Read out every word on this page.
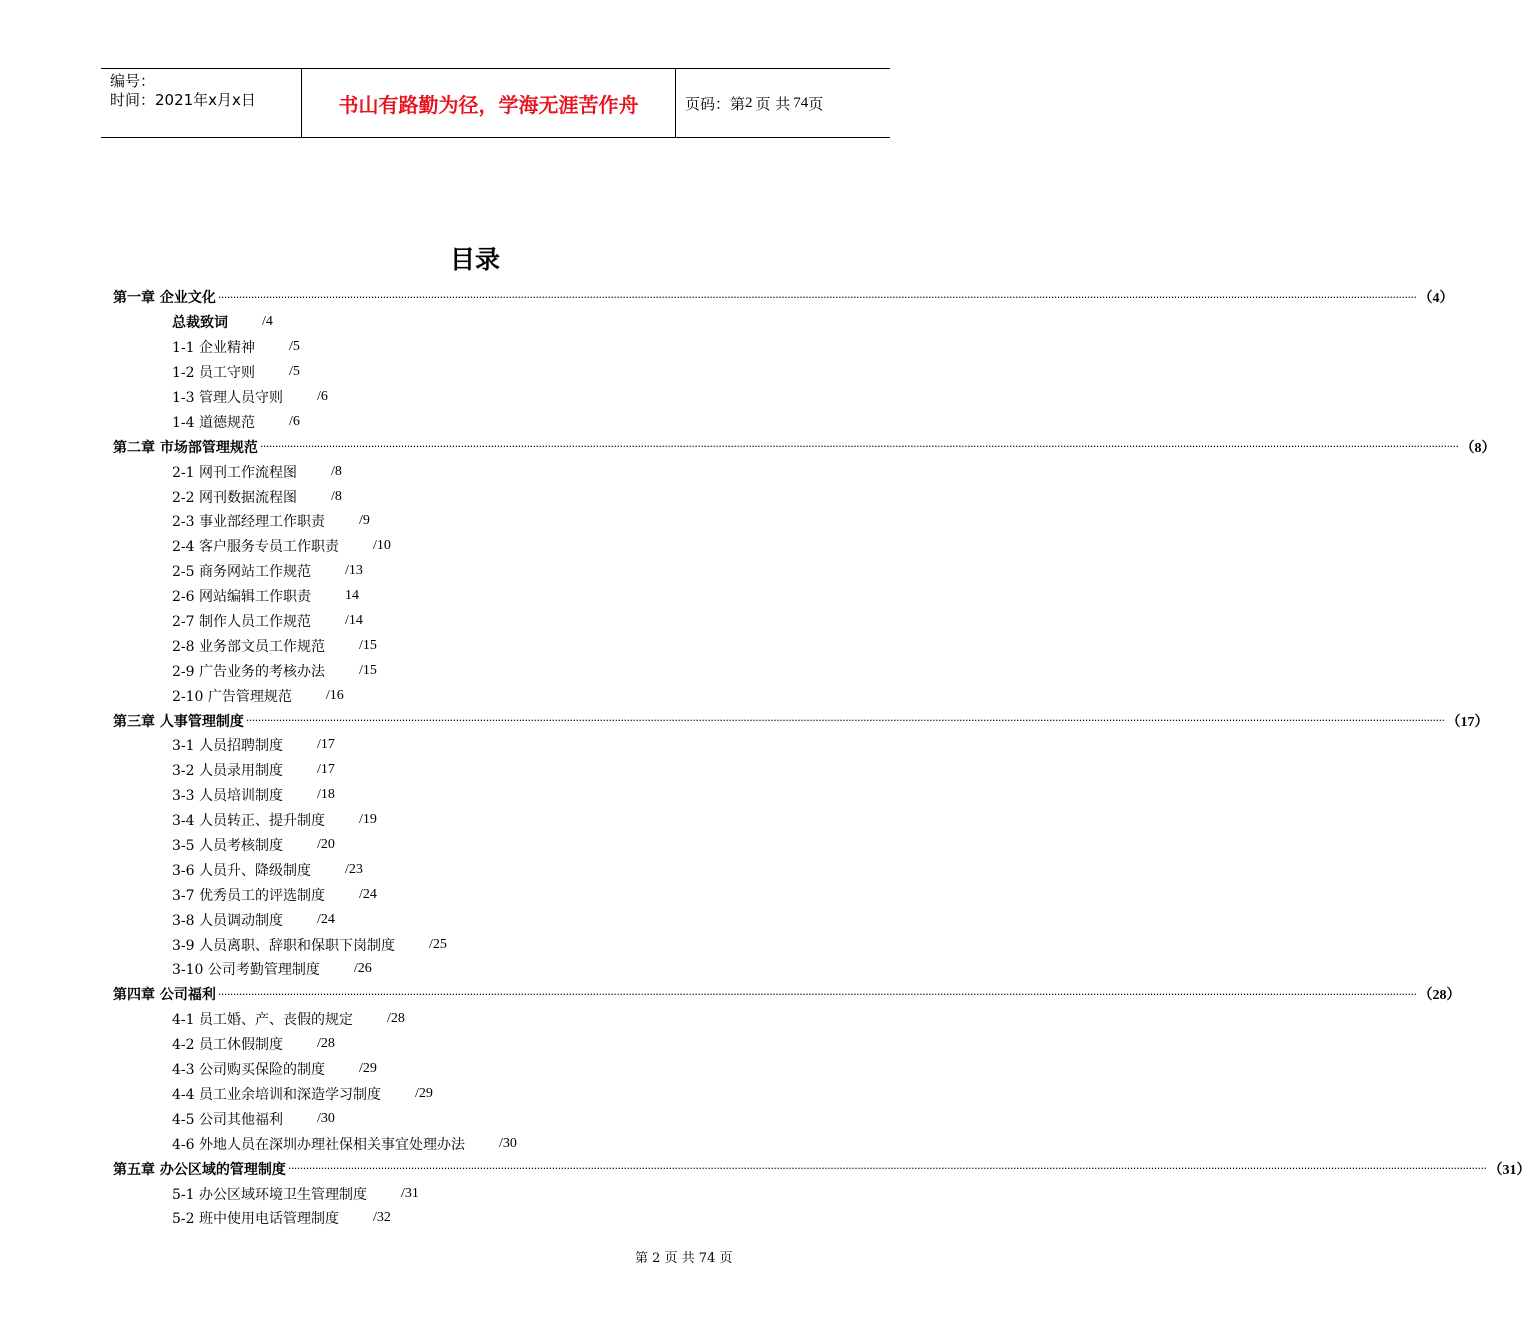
编号：
时间：2021年x月x日	书山有路勤为径，学海无涯苦作舟	页码：第 2 页 共 74 页
目录
第一章 企业文化 ················································································································································································································································································································································································································ （4）
总裁致词 /4
1-1 企业精神 /5
1-2 员工守则 /5
1-3 管理人员守则 /6
1-4 道德规范 /6
第二章 市场部管理规范 ················································································································································································································································································································································································································ （8）
2-1 网刊工作流程图 /8
2-2 网刊数据流程图 /8
2-3 事业部经理工作职责 /9
2-4 客户服务专员工作职责 /10
2-5 商务网站工作规范 /13
2-6 网站编辑工作职责 14
2-7 制作人员工作规范 /14
2-8 业务部文员工作规范 /15
2-9 广告业务的考核办法 /15
2-10 广告管理规范 /16
第三章 人事管理制度 ················································································································································································································································································································································································································ （17）
3-1 人员招聘制度 /17
3-2 人员录用制度 /17
3-3 人员培训制度 /18
3-4 人员转正、提升制度 /19
3-5 人员考核制度 /20
3-6 人员升、降级制度 /23
3-7 优秀员工的评选制度 /24
3-8 人员调动制度 /24
3-9 人员离职、辞职和保职下岗制度 /25
3-10 公司考勤管理制度 /26
第四章 公司福利 ················································································································································································································································································································································································································ （28）
4-1 员工婚、产、丧假的规定 /28
4-2 员工休假制度 /28
4-3 公司购买保险的制度 /29
4-4 员工业余培训和深造学习制度 /29
4-5 公司其他福利 /30
4-6 外地人员在深圳办理社保相关事宜处理办法 /30
第五章 办公区域的管理制度 ················································································································································································································································································································································································································ （31）
5-1 办公区域环境卫生管理制度 /31
5-2 班中使用电话管理制度 /32
第 2 页 共 74 页
